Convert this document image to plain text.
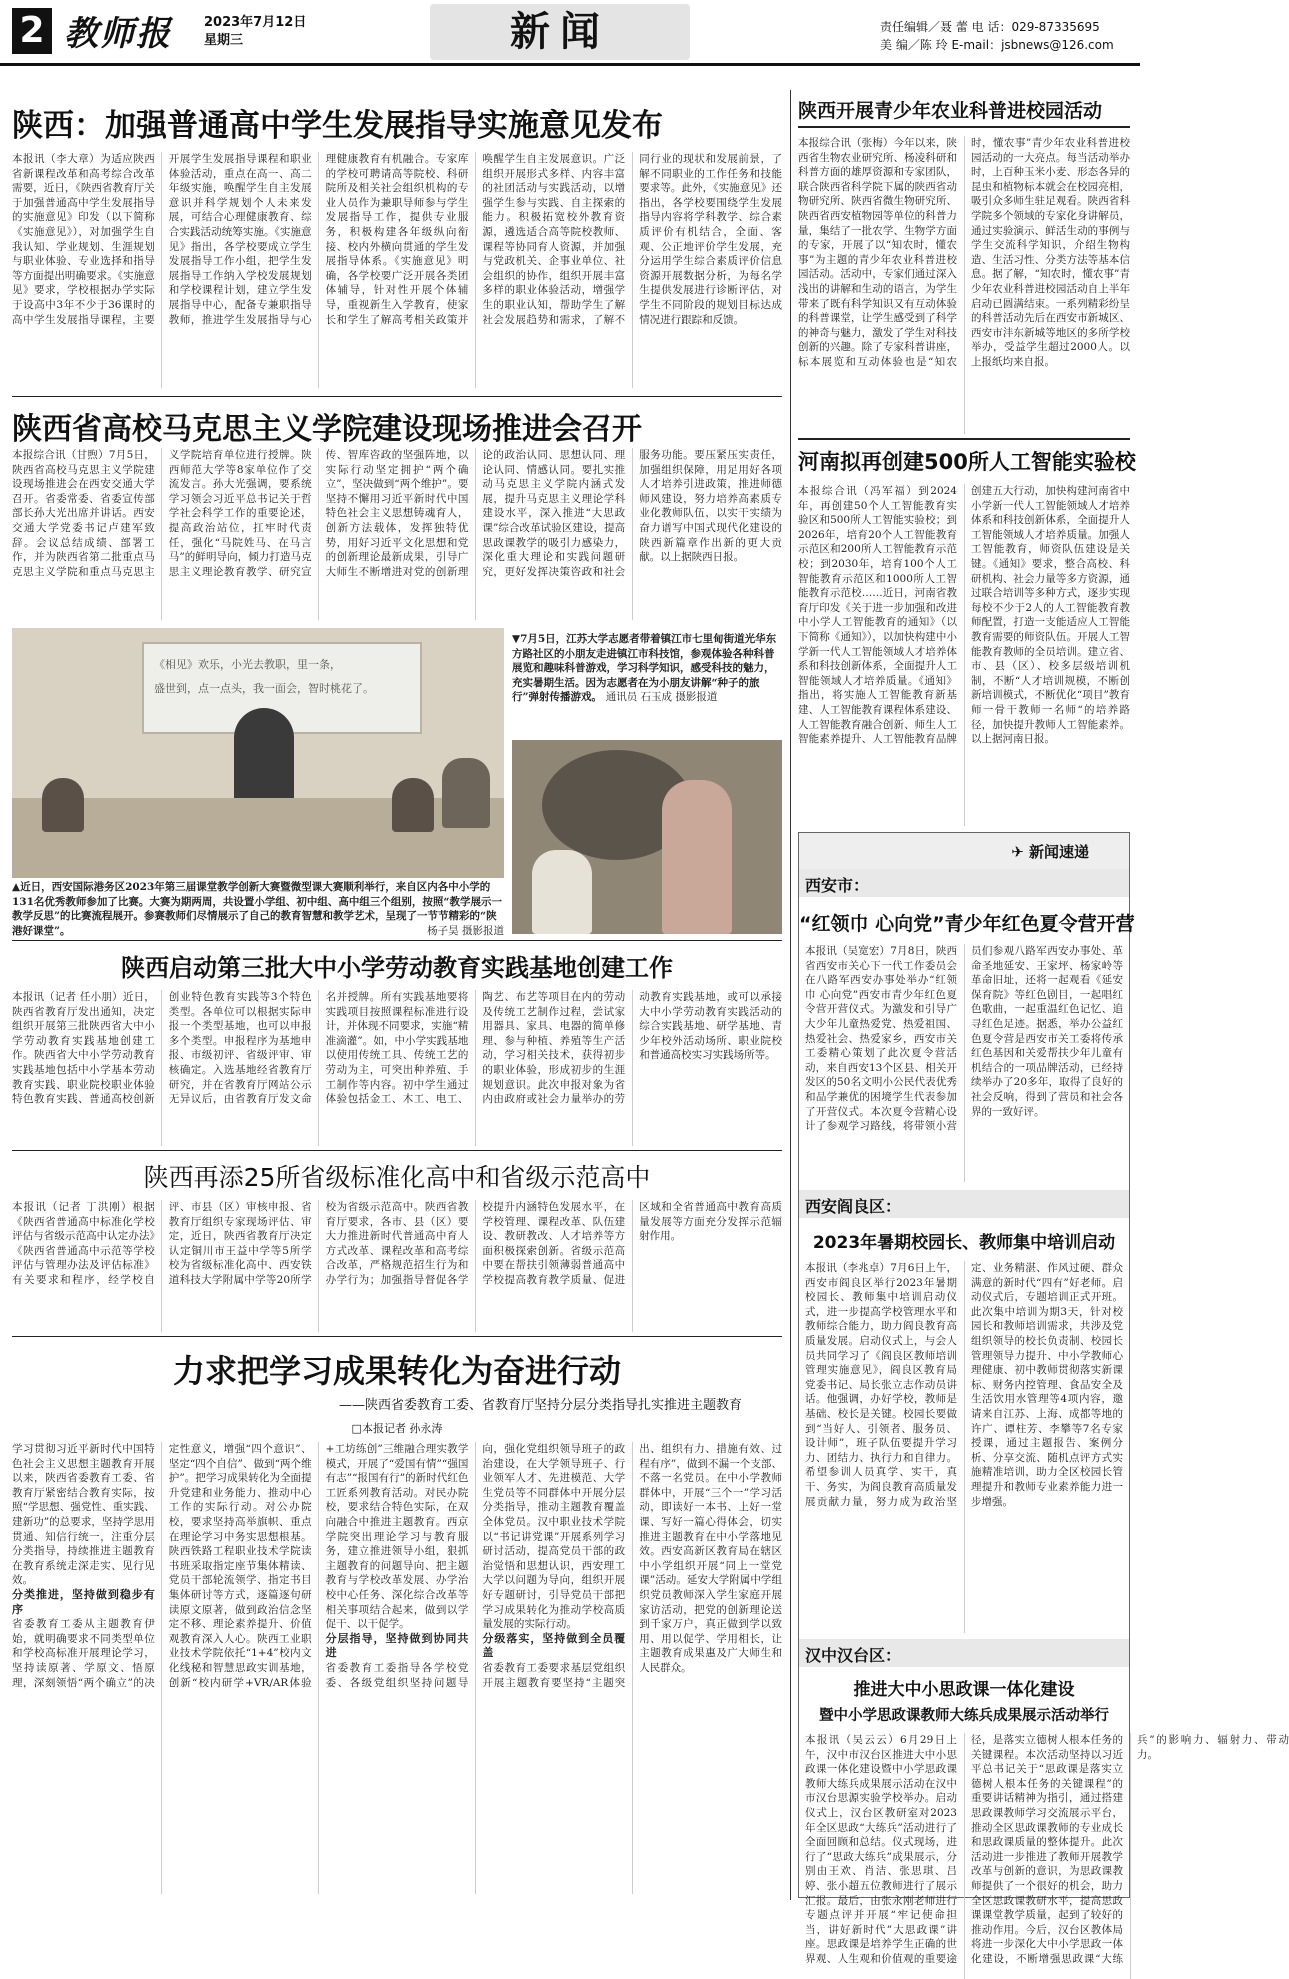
2 教师报 2023年7月12日
星期三	新闻	责任编辑／聂 蕾 电 话：029-87335695
美 编／陈 玲 E-mail：jsbnews@126.com
陕西：加强普通高中学生发展指导实施意见发布
本报讯（李大章）为适应陕西省新课程改革和高考综合改革需要，近日，《陕西省教育厅关于加强普通高中学生发展指导的实施意见》印发（以下简称《实施意见》），对加强学生自我认知、学业规划、生涯规划与职业体验、专业选择和指导等方面提出明确要求。《实施意见》要求，学校根据办学实际于设高中3年不少于36课时的高中学生发展指导课程，主要开展学生发展指导课程和职业体验活动，重点在高一、高二年级实施，唤醒学生自主发展意识并科学规划个人未来发展，可结合心理健康教育、综合实践活动统筹实施。《实施意见》指出，各学校要成立学生发展指导工作小组，把学生发展指导工作纳入学校发展规划和学校课程计划，建立学生发展指导中心，配备专兼职指导教师，推进学生发展指导与心理健康教育有机融合。专家库的学校可聘请高等院校、科研院所及相关社会组织机构的专业人员作为兼职导师参与学生发展指导工作，提供专业服务，积极构建各年级纵向衔接、校内外横向贯通的学生发展指导体系。《实施意见》明确，各学校要广泛开展各类团体辅导，针对性开展个体辅导，重视新生入学教育，使家长和学生了解高考相关政策并唤醒学生自主发展意识。广泛组织开展形式多样、内容丰富的社团活动与实践活动，以增强学生参与实践、自主探索的能力。积极拓宽校外教育资源，遴选适合高等院校教师、课程等协同育人资源，并加强与党政机关、企事业单位、社会组织的协作，组织开展丰富多样的职业体验活动，增强学生的职业认知，帮助学生了解社会发展趋势和需求，了解不同行业的现状和发展前景，了解不同职业的工作任务和技能要求等。此外，《实施意见》还指出，各学校要围绕学生发展指导内容将学科教学、综合素质评价有机结合，全面、客观、公正地评价学生发展，充分运用学生综合素质评价信息资源开展数据分析，为每名学生提供发展进行诊断评估，对学生不同阶段的规划目标达成情况进行跟踪和反馈。
陕西开展青少年农业科普进校园活动
本报综合讯（张梅）今年以来，陕西省生物农业研究所、杨凌科研和科普方面的雄厚资源和专家团队，联合陕西省科学院下属的陕西省动物研究所、陕西省微生物研究所、陕西省西安植物园等单位的科普力量，集结了一批农学、生物学方面的专家，开展了以“知农时，懂农事”为主题的青少年农业科普进校园活动。活动中，专家们通过深入浅出的讲解和生动的语言，为学生带来了既有科学知识又有互动体验的科普课堂，让学生感受到了科学的神奇与魅力，激发了学生对科技创新的兴趣。除了专家科普讲座，标本展览和互动体验也是“知农时，懂农事”青少年农业科普进校园活动的一大亮点。每当活动举办时，上百种玉米小麦、形态各异的昆虫和植物标本就会在校园亮相，吸引众多师生驻足观看。陕西省科学院多个领域的专家化身讲解员，通过实验演示、鲜活生动的事例与学生交流科学知识，介绍生物构造、生活习性、分类方法等基本信息。据了解，“知农时，懂农事”青少年农业科普进校园活动自上半年启动已圆满结束。一系列精彩纷呈的科普活动先后在西安市新城区、西安市沣东新城等地区的多所学校举办，受益学生超过2000人。以上报纸均来自报。
陕西省高校马克思主义学院建设现场推进会召开
本报综合讯（甘煦）7月5日，陕西省高校马克思主义学院建设现场推进会在西安交通大学召开。省委常委、省委宣传部部长孙大光出席并讲话。西安交通大学党委书记卢建军致辞。会议总结成绩、部署工作，并为陕西省第二批重点马克思主义学院和重点马克思主义学院培育单位进行授牌。陕西师范大学等8家单位作了交流发言。孙大光强调，要系统学习领会习近平总书记关于哲学社会科学工作的重要论述，提高政治站位，扛牢时代责任，强化“马院姓马、在马言马”的鲜明导向，倾力打造马克思主义理论教育教学、研究宣传、智库咨政的坚强阵地，以实际行动坚定拥护“两个确立”，坚决做到“两个维护”。要坚持不懈用习近平新时代中国特色社会主义思想铸魂育人，创新方法载体，发挥独特优势，用好习近平文化思想和党的创新理论最新成果，引导广大师生不断增进对党的创新理论的政治认同、思想认同、理论认同、情感认同。要扎实推动马克思主义学院内涵式发展，提升马克思主义理论学科建设水平，深入推进“大思政课”综合改革试验区建设，提高思政课教学的吸引力感染力，深化重大理论和实践问题研究，更好发挥决策咨政和社会服务功能。要压紧压实责任，加强组织保障，用足用好各项人才培养引进政策，推进师德师风建设，努力培养高素质专业化教师队伍，以实干实绩为奋力谱写中国式现代化建设的陕西新篇章作出新的更大贡献。以上据陕西日报。
河南拟再创建500所人工智能实验校
本报综合讯（冯军福）到2024年，再创建50个人工智能教育实验区和500所人工智能实验校；到2026年，培育20个人工智能教育示范区和200所人工智能教育示范校；到2030年，培育100个人工智能教育示范区和1000所人工智能教育示范校……近日，河南省教育厅印发《关于进一步加强和改进中小学人工智能教育的通知》（以下简称《通知》），以加快构建中小学新一代人工智能领域人才培养体系和科技创新体系，全面提升人工智能领域人才培养质量。《通知》指出，将实施人工智能教育新基建、人工智能教育课程体系建设、人工智能教育融合创新、师生人工智能素养提升、人工智能教育品牌创建五大行动，加快构建河南省中小学新一代人工智能领域人才培养体系和科技创新体系，全面提升人工智能领域人才培养质量。加强人工智能教育，师资队伍建设是关键。《通知》要求，整合高校、科研机构、社会力量等多方资源，通过联合培训等多种方式，逐步实现每校不少于2人的人工智能教育教师配置，打造一支能适应人工智能教育需要的师资队伍。开展人工智能教育教师的全员培训。建立省、市、县（区）、校多层级培训机制，不断“人才培训规模，不断创新培训模式，不断优化“项目”教育师一骨干教师一名师“的培养路径，加快提升教师人工智能素养。以上据河南日报。
《相见》欢乐，小光去教职，里一条，
盛世到，点一点头，我一面会，智时桃花了。
▲近日，西安国际港务区2023年第三届课堂教学创新大赛暨微型课大赛顺利举行，来自区内各中小学的131名优秀教师参加了比赛。大赛为期两周，共设置小学组、初中组、高中组三个组别，按照“教学展示一教学反思”的比赛流程展开。参赛教师们尽情展示了自己的教育智慧和教学艺术，呈现了一节节精彩的“陕港好课堂”。	杨子昊 摄影报道
▼7月5日，江苏大学志愿者带着镇江市七里甸街道光华东方路社区的小朋友走进镇江市科技馆，参观体验各种科普展览和趣味科普游戏，学习科学知识，感受科技的魅力，充实暑期生活。因为志愿者在为小朋友讲解“种子的旅行”弹射传播游戏。 通讯员 石玉成 摄影报道
✈ 新闻速递
西安市：
“红领巾 心向党”青少年红色夏令营开营
本报讯（吴宽宏）7月8日，陕西省西安市关心下一代工作委员会在八路军西安办事处举办“红领巾 心向党”西安市青少年红色夏令营开营仪式。为激发和引导广大少年儿童热爱党、热爱祖国、热爱社会、热爱家乡，西安市关工委精心策划了此次夏令营活动，来自西安13个区县、相关开发区的50名文明小公民代表优秀和品学兼优的困境学生代表参加了开营仪式。本次夏令营精心设计了参观学习路线，将带领小营员们参观八路军西安办事处、革命圣地延安、王家坪、杨家岭等革命旧址，还将一起观看《延安保育院》等红色剧目，一起唱红色歌曲，一起重温红色记忆、追寻红色足迹。据悉，举办公益红色夏令营是西安市关工委将传承红色基因和关爱帮扶少年儿童有机结合的一项品牌活动，已经持续举办了20多年，取得了良好的社会反响，得到了营员和社会各界的一致好评。
西安阎良区：
2023年暑期校园长、教师集中培训启动
本报讯（李兆卓）7月6日上午，西安市阎良区举行2023年暑期校园长、教师集中培训启动仪式，进一步提高学校管理水平和教师综合能力，助力阎良教育高质量发展。启动仪式上，与会人员共同学习了《阎良区教师培训管理实施意见》，阎良区教育局党委书记、局长张立志作动员讲话。他强调，办好学校，教师是基础、校长是关键。校园长要做到“当好人、引领者、服务员、设计师”，班子队伍要提升学习力、团结力、执行力和自律力。希望参训人员真学、实干，真干、务实，为阎良教育高质量发展贡献力量，努力成为政治坚定、业务精湛、作风过硬、群众满意的新时代“四有”好老师。启动仪式后，专题培训正式开班。此次集中培训为期3天，针对校园长和教师培训需求，共涉及党组织领导的校长负责制、校园长管理领导力提升、中小学教师心理健康、初中教师贯彻落实新课标、财务内控管理、食品安全及生活饮用水管理等4项内容，邀请来自江苏、上海、成都等地的许广、谭柱芳、李攀等7名专家授课，通过主题报告、案例分析、分享交流、随机点评方式实施精准培训，助力全区校园长管理提升和教师专业素养能力进一步增强。
汉中汉台区：
推进大中小思政课一体化建设
暨中小学思政课教师大练兵成果展示活动举行
本报讯（吴云云）6月29日上午，汉中市汉台区推进大中小思政课一体化建设暨中小学思政课教师大练兵成果展示活动在汉中市汉台思源实验学校举办。启动仪式上，汉台区教研室对2023年全区思政“大练兵”活动进行了全面回顾和总结。仪式现场，进行了“思政大练兵”成果展示，分别由王欢、肖洁、张思琪、吕婷、张小超五位教师进行了展示汇报。最后，由张永刚老师进行专题点评并开展“牢记使命担当，讲好新时代”大思政课”讲座。思政课是培养学生正确的世界观、人生观和价值观的重要途径，是落实立德树人根本任务的关键课程。本次活动坚持以习近平总书记关于“思政课是落实立德树人根本任务的关键课程”的重要讲话精神为指引，通过搭建思政课教师学习交流展示平台，推动全区思政课教师的专业成长和思政课质量的整体提升。此次活动进一步推进了教师开展教学改革与创新的意识，为思政课教师提供了一个很好的机会，助力全区思政课教研水平，提高思政课课堂教学质量，起到了较好的推动作用。今后，汉台区教体局将进一步深化大中小学思政一体化建设，不断增强思政课“大练兵”的影响力、辐射力、带动力。
陕西启动第三批大中小学劳动教育实践基地创建工作
本报讯（记者 任小朋）近日，陕西省教育厅发出通知，决定组织开展第三批陕西省大中小学劳动教育实践基地创建工作。陕西省大中小学劳动教育实践基地包括中小学基本劳动教育实践、职业院校职业体验特色教育实践、普通高校创新创业特色教育实践等3个特色类型。各单位可以根据实际申报一个类型基地，也可以申报多个类型。申报程序为基地申报、市级初评、省级评审、审核确定。入选基地经省教育厅研究，并在省教育厅网站公示无异议后，由省教育厅发文命名并授牌。所有实践基地要将实践项目按照课程标准进行设计，并体现不同要求，实施“精准滴灌”。如，中小学实践基地以使用传统工具、传统工艺的劳动为主，可突出种养殖、手工制作等内容。初中学生通过体验包括金工、木工、电工、陶艺、布艺等项目在内的劳动及传统工艺制作过程，尝试家用器具、家具、电器的简单修理、参与种植、养殖等生产活动，学习相关技术，获得初步的职业体验，形成初步的生涯规划意识。此次申报对象为省内由政府或社会力量举办的劳动教育实践基地，或可以承接大中小学劳动教育实践活动的综合实践基地、研学基地、青少年校外活动场所、职业院校和普通高校实习实践场所等。
陕西再添25所省级标准化高中和省级示范高中
本报讯（记者 丁洪刚）根据《陕西省普通高中标准化学校评估与省级示范高中认定办法》《陕西省普通高中示范等学校评估与管理办法及评估标准》有关要求和程序，经学校自评、市县（区）审核申报、省教育厅组织专家现场评估、审定，近日，陕西省教育厅决定认定铜川市王益中学等5所学校为省级标准化高中、西安铁道科技大学附属中学等20所学校为省级示范高中。陕西省教育厅要求，各市、县（区）要大力推进新时代普通高中育人方式改革、课程改革和高考综合改革，严格规范招生行为和办学行为；加强指导督促各学校提升内涵特色发展水平，在学校管理、课程改革、队伍建设、教研教改、人才培养等方面积极探索创新。省级示范高中要在帮扶引领薄弱普通高中学校提高教育教学质量、促进区域和全省普通高中教育高质量发展等方面充分发挥示范辐射作用。
力求把学习成果转化为奋进行动
——陕西省委教育工委、省教育厅坚持分层分类指导扎实推进主题教育
□本报记者 孙永涛

学习贯彻习近平新时代中国特色社会主义思想主题教育开展以来，陕西省委教育工委、省教育厅紧密结合教育实际，按照“学思想、强党性、重实践、建新功”的总要求，坚持学思用贯通、知信行统一，注重分层分类指导，持续推进主题教育在教育系统走深走实、见行见效。

分类推进，坚持做到稳步有序

省委教育工委从主题教育伊始，就明确要求不同类型单位和学校高标准开展理论学习，坚持读原著、学原文、悟原理，深刻领悟“两个确立”的决定性意义，增强“四个意识”、坚定“四个自信”、做到“两个维护”。把学习成果转化为全面提升党建和业务能力、推动中心工作的实际行动。对公办院校，要求坚持高举旗帜、重点在理论学习中务实思想根基。陕西铁路工程职业技术学院读书班采取指定座节集体精读、党员干部轮流领学、指定书目集体研讨等方式，逐篇逐句研读原文原著，做到政治信念坚定不移、理论素养提升、价值观教育深入人心。陕西工业职业技术学院依托“1+4”校内文化线秘和智慧思政实训基地，创新“校内研学+VR/AR体验+工坊练创”三维融合理实教学模式，开展了“爱国有情”“强国有志”“报国有行”的新时代红色工匠系列教育活动。对民办院校，要求结合特色实际，在双向融合中推进主题教育。西京学院突出理论学习与教育服务，建立推进领导小组，狠抓主题教育的问题导向、把主题教育与学校改革发展、办学治校中心任务、深化综合改革等相关事项结合起来，做到以学促干、以干促学。

分层指导，坚持做到协同共进

省委教育工委指导各学校党委、各级党组织坚持问题导向，强化党组织领导班子的政治建设，在大学领导班子、行业领军人才、先进模范、大学生党员等不同群体中开展分层分类指导，推动主题教育覆盖全体党员。汉中职业技术学院以“书记讲党课”开展系列学习研讨活动，提高党员干部的政治觉悟和思想认识，西安理工大学以问题为导向，组织开展好专题研讨，引导党员干部把学习成果转化为推动学校高质量发展的实际行动。

分级落实，坚持做到全员覆盖

省委教育工委要求基层党组织开展主题教育要坚持“主题突出、组织有力、措施有效、过程有序”，做到不漏一个支部、不落一名党员。在中小学教师群体中，开展“三个一”学习活动，即读好一本书、上好一堂课、写好一篇心得体会，切实推进主题教育在中小学落地见效。西安高新区教育局在辖区中小学组织开展“同上一堂党课”活动。延安大学附属中学组织党员教师深入学生家庭开展家访活动，把党的创新理论送到千家万户，真正做到学以致用、用以促学、学用相长，让主题教育成果惠及广大师生和人民群众。
